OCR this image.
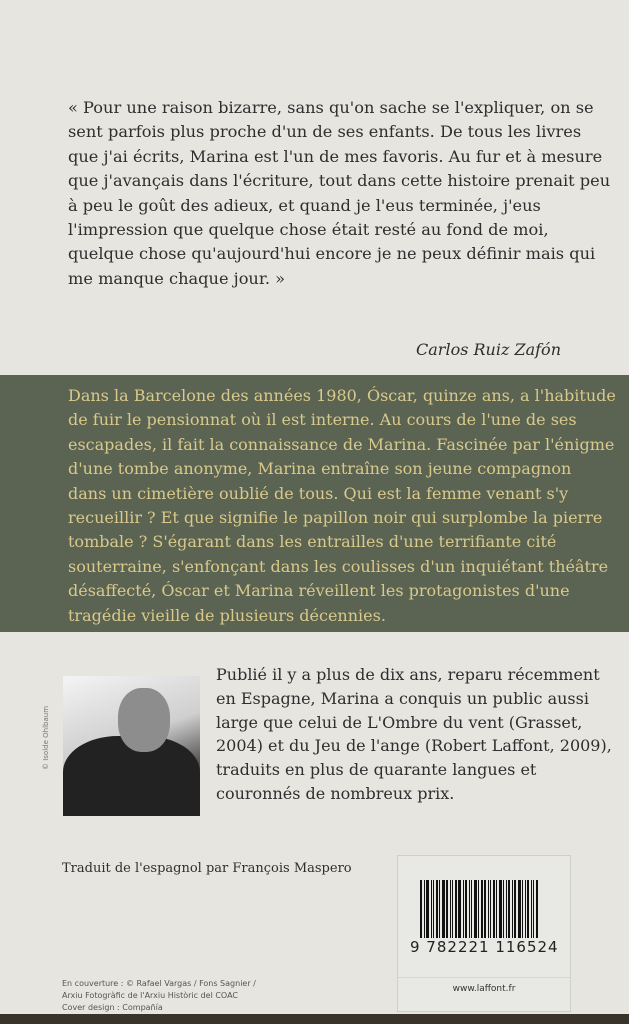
« Pour une raison bizarre, sans qu'on sache se l'expliquer, on se
sent parfois plus proche d'un de ses enfants. De tous les livres
que j'ai écrits, Marina est l'un de mes favoris. Au fur et à mesure
que j'avançais dans l'écriture, tout dans cette histoire prenait peu
à peu le goût des adieux, et quand je l'eus terminée, j'eus
l'impression que quelque chose était resté au fond de moi,
quelque chose qu'aujourd'hui encore je ne peux définir mais qui
me manque chaque jour. »
Carlos Ruiz Zafón
Dans la Barcelone des années 1980, Óscar, quinze ans, a l'habitude
de fuir le pensionnat où il est interne. Au cours de l'une de ses
escapades, il fait la connaissance de Marina. Fascinée par l'énigme
d'une tombe anonyme, Marina entraîne son jeune compagnon
dans un cimetière oublié de tous. Qui est la femme venant s'y
recueillir ? Et que signifie le papillon noir qui surplombe la pierre
tombale ? S'égarant dans les entrailles d'une terrifiante cité
souterraine, s'enfonçant dans les coulisses d'un inquiétant théâtre
désaffecté, Óscar et Marina réveillent les protagonistes d'une
tragédie vieille de plusieurs décennies.
© Isolde Ohlbaum
Publié il y a plus de dix ans, reparu récemment
en Espagne, Marina a conquis un public aussi
large que celui de L'Ombre du vent (Grasset,
2004) et du Jeu de l'ange (Robert Laffont, 2009),
traduits en plus de quarante langues et
couronnés de nombreux prix.
Traduit de l'espagnol par François Maspero
En couverture : © Rafael Vargas / Fons Sagnier /
Arxiu Fotogràfic de l'Arxiu Històric del COAC
Cover design : Compañía
9 782221 116524
www.laffont.fr
